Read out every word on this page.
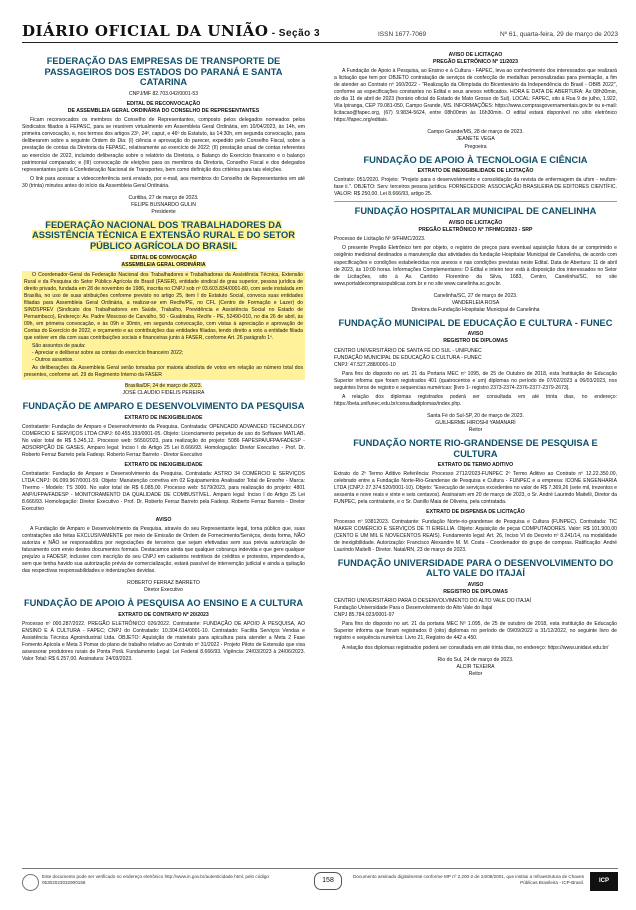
DIÁRIO OFICIAL DA UNIÃO - Seção 3	ISSN 1677-7069	Nº 61, quarta-feira, 29 de março de 2023
FEDERAÇÃO DAS EMPRESAS DE TRANSPORTE DE PASSAGEIROS DOS ESTADOS DO PARANÁ E SANTA CATARINA

CNPJ/MF 82.703.042/0001-53

EDITAL DE RECONVOCAÇÃO
DE ASSEMBLEIA GERAL ORDINÁRIA DO CONSELHO DE REPRESENTANTES

Ficam reconvocados os membros do Conselho de Representantes, composto pelos delegados nomeados pelos Sindicatos filiados à FEPASC, para se reunirem virtualmente em Assembleia Geral Ordinária, em 10/04/2023, às 14h, em primeira convocação, e, nos termos dos artigos 23º, 24º, caput, e 46º do Estatuto, às 14:30h, em segunda convocação, para deliberarem sobre a seguinte Ordem do Dia: (I) ciência e aprovação do parecer, expedido pelo Conselho Fiscal, sobre a prestação de contas da Diretoria da FEPASC, relativamente ao exercício de 2022; (II) prestação anual de contas referentes ao exercício de 2022, incluindo deliberação sobre o relatório da Diretoria, o Balanço do Exercício financeiro e o balanço patrimonial comparado; e (III) convocação de eleições para os membros da Diretoria, Conselho Fiscal e dos delegados representantes junto à Confederação Nacional de Transportes, bem como definição dos critérios para tais eleições.

O link para acessar a videoconferência será enviado, por e-mail, aos membros do Conselho de Representantes em até 30 (trinta) minutos antes do início da Assembleia Geral Ordinária.

Curitiba, 27 de março de 2023.

FELIPE BUSNARDO GULIN

Presidente

FEDERAÇÃO NACIONAL DOS TRABALHADORES DA ASSISTÊNCIA TÉCNICA E EXTENSÃO RURAL E DO SETOR PÚBLICO AGRÍCOLA DO BRASIL
EDITAL DE CONVOCAÇÃO
ASSEMBLEIA GERAL ORDINÁRIA

O Coordenador-Geral da Federação Nacional dos Trabalhadores e Trabalhadoras da Assistência Técnica, Extensão Rural e da Pesquisa do Setor Público Agrícola do Brasil (FASER), entidade sindical de grau superior, pessoa jurídica de direito privado, fundada em 28 de novembro de 1986, inscrita no CNPJ sob nº 03.603.834/0001-80, com sede instalada em Brasília, no uso de suas atribuições conforme previsto no artigo 25, item I do Estatuto Social, convoca suas entidades filiadas para Assembleia Geral Ordinária, a realizar-se em Recife/PE, no CFL (Centro de Formação e Lazer) do SINDSPREV (Sindicato dos Trabalhadores em Saúde, Trabalho, Previdência e Assistência Social no Estado de Pernambuco), Endereço: Av. Padre Moscoso de Carvalho, 50 - Guabiraba, Recife - PE, 52490-010, no dia 26 de abril, às 09h, em primeira convocação, e às 09h e 30min, em segunda convocação, com vistas à apreciação e aprovação de Contas do Exercício de 2022, e orçamento e as contribuições das entidades filiadas, tendo direito a voto a entidade filiada que estiver em dia com suas contribuições sociais e financeiras junto à FASER, conforme Art. 26 parágrafo 1º.

São assuntos de pauta:

- Apreciar e deliberar sobre as contas do exercício financeiro 2022;

- Outros assuntos.

As deliberações da Assembleia Geral serão tomadas por maioria absoluta de votos em relação ao número total dos presentes, conforme art. 29 do Regimento Interno da FASER

Brasília/DF, 24 de março de 2023.

JOSÉ CLAUDIO FIDELIS PEREIRA

FUNDAÇÃO DE AMPARO E DESENVOLVIMENTO DA PESQUISA
EXTRATO DE INEXIGIBILIDADE

Contratante: Fundação de Amparo e Desenvolvimento da Pesquisa. Contratada: OPENCADD ADVANCED TECHNOLOGY COMÉRCIO E SERVIÇOS LTDA CNPJ: 60.455.193/0001-05. Objeto: Licenciamento perpetuo de uso do Software MATLAB. No valor total de R$ 5.345,12. Processo web: 5650/2023, para realização do projeto: 5086 FAPESPA/UFPA/FADESP - ADSORPÇÃO DE GASES. Amparo legal: Inciso I do Artigo 25 Lei 8.666/93. Homologação: Diretor Executivo - Prof. Dr. Roberto Ferraz Barreto pela Fadesp. Roberto Ferraz Barreto - Diretor Executivo

EXTRATO DE INEXIGIBILIDADE

Contratante: Fundação de Amparo e Desenvolvimento da Pesquisa. Contratada: ASTRO 34 COMÉRCIO E SERVIÇOS LTDA CNPJ: 06.099.967/0001-59. Objeto: Manutenção corretiva em 02 Equipamentos Analisador Total de Enxofre - Marca: Thermo - Modelo: TS 3000. No valor total de R$ 6.085,00. Processo web: 5179/2023, para realização do projeto: 4801 ANP/UFPA/FADESP - MONITORAMENTO DA QUALIDADE DE COMBUSTÍVEL. Amparo legal: Inciso I do Artigo 25 Lei 8.666/93. Homologação: Diretor Executivo - Prof. Dr. Roberto Ferraz Barreto pela Fadesp. Roberto Ferraz Barreto - Diretor Executivo

AVISO

A Fundação de Amparo e Desenvolvimento da Pesquisa, através do seu Representante legal, torna público que, suas contratações são feitas EXCLUSIVAMENTE por meio de Emissão de Ordem de Fornecimento/Serviços, desta forma, NÃO autoriza e NÃO se responsabiliza por negociações de terceiros que sejam efetivadas sem sua prévia autorização de faturamento com envio destes documentos formais. Destacamos ainda que qualquer cobrança indevida e que gere qualquer prejuízo a FADESP, inclusive com inscrição do seu CNPJ em cadastros restritivos de créditos e protestos, impendendo-a, sem que tenha havido sua autorização prévia de comercialização, estará passível de intervenção judicial e ainda a quitação das respectivas responsabilidades e indenizações devidas.

ROBERTO FERRAZ BARRETO

Diretor Executivo

FUNDAÇÃO DE APOIO À PESQUISA AO ENSINO E A CULTURA
EXTRATO DE CONTRATO Nº 20/2023

Processo nº 000.287/2022. PREGÃO ELETRÔNICO 026/2022. Contratante: FUNDAÇÃO DE APOIO À PESQUISA, AO ENSINO E À CULTURA - FAPEC; CNPJ do Contratado: 10.304.614/0001-10. Contratado: Facilita Serviços Vendas e Assistência Técnica Agroindustrial Ltda. OBJETO: Aquisição de materiais para apicultura para atender a Meta 2 Fase Fomento Apícola e Meta 3 Pomar do plano de trabalho relativo ao Contrato nº 31/2022 - Projeto Piloto de Extensão que visa assessorar produtores rurais de Ponta Porã. Fundamento Legal: Lei Federal 8.666/93. Vigência: 24/03/2023 à 24/06/2023. Valor Total: R$ 6.257,00. Assinatura: 24/03/2023.

AVISO DE LICITAÇÃO
PREGÃO ELETRÔNICO Nº 11/2023

A Fundação de Apoio à Pesquisa, ao Ensino e à Cultura - FAPEC, leva ao conhecimento dos interessados que realizará a licitação que tem por OBJETO contratação de serviços de confecção de medalhas personalizadas para premiação, a fim de atender ao Contrato nº 160/2022 - "Realização da Olimpíada do Bicentenário da Independência do Brasil - OBIB 2022", conforme as especificações constantes no Edital e seus anexos retificados. HORA E DATA DE ABERTURA: Às 08h30min, do dia 11 de abril de 2023 (horário oficial do Estado de Mato Grosso do Sul). LOCAL: FAPEC, sito à Rua 9 de julho, 1.922, Vila Ipiranga, CEP 79.081-050, Campo Grande, MS. INFORMAÇÕES: https://www.comprasgovernamentais.gov.br ou e-mail: licitacao@fapec.org, (67) 9.9834-5624, entre 08h00min às 16h30min. O edital estará disponível no sítio eletrônico https://fapec.org/editais.

Campo Grande/MS, 28 de março de 2023.

JEANETE VEGA

Pregoeira

FUNDAÇÃO DE APOIO À TECNOLOGIA E CIÊNCIA
EXTRATO DE INEXIGIBILIDADE DE LICITAÇÃO

Contrato: 051/2020. Projeto: "Projeto para o desenvolvimento e consolidação da revista de enfermagem da ufsm - reufsm- fase ii.". OBJETO: Serv. terceiros pessoa jurídica. FORNECEDOR: ASSOCIAÇÃO BRASILEIRA DE EDITORES CIENTÍFIC. VALOR: R$ 250,00. Lei 8.666/93, artigo 25.

FUNDAÇÃO HOSPITALAR MUNICIPAL DE CANELINHA
AVISO DE LICITAÇÃO
PREGÃO ELETRÔNICO Nº 7/FHMC/2023 - SRP

Processo de Licitação Nº 9/FHMC/2023.

O presente Pregão Eletrônico tem por objeto, o registro de preços para eventual aquisição futura de ar comprimido e oxigênio medicinal destinados a manutenção das atividades da fundação Hospitalar Municipal de Canelinha, de acordo com especificações e condições estabelecidas nos anexos e nas condições previstas neste Edital. Data de Abertura: 11 de abril de 2023, às 10:00 horas. Informações Complementares: O Edital e inteiro teor está à disposição dos interessados no Setor de Licitações, sito à Av. Cartório Florentino da Silva, 1683, Centro, Canelinha/SC, no site www.portaldecomprasspublicas.com.br e no site www.canelinha.sc.gov.br.

Canelinha/SC, 27 de março de 2023.

VANDERLEIA ROSA

Diretora da Fundação Hospitalar Municipal de Canelinha

FUNDAÇÃO MUNICIPAL DE EDUCAÇÃO E CULTURA - FUNEC
AVISO
REGISTRO DE DIPLOMAS

CENTRO UNIVERSITÁRIO DE SANTA FÉ DO SUL - UNIFUNEC

FUNDAÇÃO MUNICIPAL DE EDUCAÇÃO E CULTURA - FUNEC

CNPJ: 47.527.288/0001-10

Para fins do disposto no art. 21 da Portaria MEC nº 1095, de 25 de Outubro de 2018, esta Instituição de Educação Superior informa que foram registrados 401 (quatrocentos e um) diplomas no período de 07/02/2023 a 06/03/2023, nos seguintes livros de registro e sequencias numéricas: [livro 1- registro 2373-2374-2376-2377-2379-2673].

A relação dos diplomas registrados poderá ser consultada em até trinta dias, no endereço: https://beta.unifunec.edu.br/consultadiplomas/index.php.

Santa Fé do Sul-SP, 20 de março de 2023.

GUILHERME HIROSHI YAMANARI

Reitor

FUNDAÇÃO NORTE RIO-GRANDENSE DE PESQUISA E CULTURA
EXTRATO DE TERMO ADITIVO

Extrato do 2º Termo Aditivo Referência: Processo 2712/2023-FUNPEC 2º Termo Aditivo ao Contrato nº 12.22.350.00, celebrado entre a Fundação Norte-Rio-Grandense de Pesquisa e Cultura - FUNPEC e a empresa: ICONE ENGENHARIA LTDA (CNPJ: 27.374.520/0001-10). Objeto: "Execução de serviços excedentes no valor de R$ 7.369,26 (sete mil, trezentos e sessenta e nove reais e vinte e seis centavos). Assinaram em 20 de março de 2023, o Sr. André Laurindo Maitelli, Diretor da FUNPEC, pela contratante, e o Sr. Danillo Maia de Oliveira, pela contratada.

EXTRATO DE DISPENSA DE LICITAÇÃO

Processo nº 93812023. Contratante: Fundação Norte-rio-grandense de Pesquisa e Cultura (FUNPEC). Contratada: TIC MAKER COMÉRCIO E SERVIÇOS DE TI EIRELLIA. Objeto: Aquisição de peças COMPUTADORES. Valor: R$ 101.900,00 (CENTO E UM MIL E NOVECENTOS REAIS). Fundamento legal: Art. 26, Inciso VI do Decreto nº 8.241/14, na modalidade de inexigibilidade. Autorização: Francisco Alexandre M. M. Costa - Coordenador do grupo de compras. Ratificação: André Laurindo Maitelli - Diretor. Natal/RN, 23 de março de 2023.

FUNDAÇÃO UNIVERSIDADE PARA O DESENVOLVIMENTO DO ALTO VALE DO ITAJAÍ
AVISO
REGISTRO DE DIPLOMAS

CENTRO UNIVERSITÁRIO PARA O DESENVOLVIMENTO DO ALTO VALE DO ITAJAÍ

Fundação Universidade Para o Desenvolvimento do Alto Vale do Itajaí

CNPJ 85.784.023/0001-97

Para fins do disposto no art. 21 da portaria MEC Nº 1.095, de 25 de outubro de 2018, esta instituição de Educação Superior informa que foram registrados 8 (oito) diplomas no período de 09/09/2022 a 31/12/2022, no seguinte livro de registro e sequência numérica: Livro 21, Registro de 442 a 450.

A relação dos diplomas registrados poderá ser consultada em até trinta dias, no endereço: https://www.unidavi.edu.br/

Rio do Sul, 24 de março de 2023.

ALCIR TEXEIRA

Reitor

Este documento pode ser verificado no endereço eletrônico http://www.in.gov.br/autenticidade.html, pelo código 05302023032900158	158
Documento assinado digitalmente conforme MP nº 2.200-2 de 24/08/2001, que institui a Infraestrutura de Chaves Públicas Brasileira - ICP-Brasil.	ICP Brasil
